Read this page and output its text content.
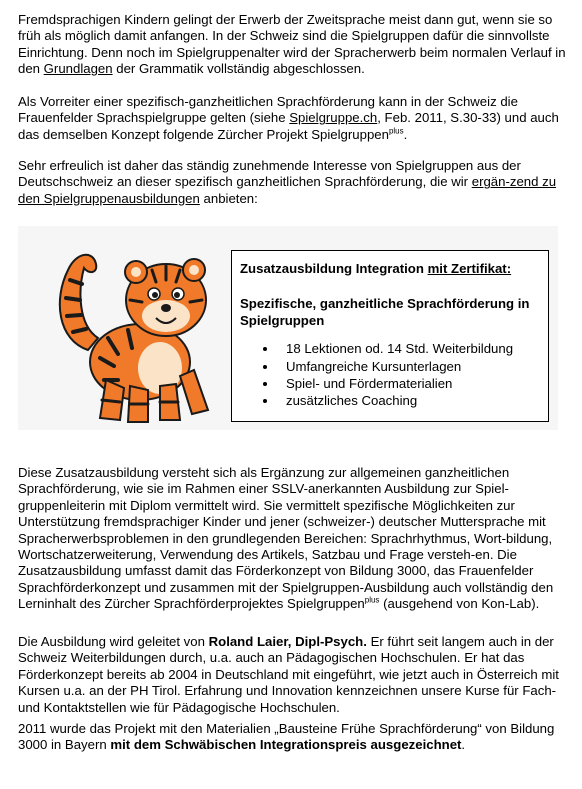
Fremdsprachigen Kindern gelingt der Erwerb der Zweitsprache meist dann gut, wenn sie so früh als möglich damit anfangen. In der Schweiz sind die Spielgruppen dafür die sinnvollste Einrichtung. Denn noch im Spielgruppenalter wird der Spracherwerb beim normalen Verlauf in den Grundlagen der Grammatik vollständig abgeschlossen.

Als Vorreiter einer spezifisch-ganzheitlichen Sprachförderung kann in der Schweiz die Frauenfelder Sprachspielgruppe gelten (siehe Spielgruppe.ch, Feb. 2011, S.30-33) und auch das demselben Konzept folgende Zürcher Projekt Spielgruppen$^{plus}$.

Sehr erfreulich ist daher das ständig zunehmende Interesse von Spielgruppen aus der Deutschschweiz an dieser spezifisch ganzheitlichen Sprachförderung, die wir ergän-zend zu den Spielgruppenausbildungen anbieten:

Zusatzausbildung Integration mit Zertifikat:

Spezifische, ganzheitliche Sprachförderung in Spielgruppen

• 18 Lektionen od. 14 Std. Weiterbildung
• Umfangreiche Kursunterlagen
• Spiel- und Fördermaterialien
• zusätzliches Coaching

Diese Zusatzausbildung versteht sich als Ergänzung zur allgemeinen ganzheitlichen Sprachförderung, wie sie im Rahmen einer SSLV-anerkannten Ausbildung zur Spiel-gruppenleiterin mit Diplom vermittelt wird. Sie vermittelt spezifische Möglichkeiten zur Unterstützung fremdsprachiger Kinder und jener (schweizer-) deutscher Muttersprache mit Spracherwerbsproblemen in den grundlegenden Bereichen: Sprachrhythmus, Wort-bildung, Wortschatzerweiterung, Verwendung des Artikels, Satzbau und Frage versteh-en. Die Zusatzausbildung umfasst damit das Förderkonzept von Bildung 3000, das Frauenfelder Sprachförderkonzept und zusammen mit der Spielgruppen-Ausbildung auch vollständig den Lerninhalt des Zürcher Sprachförderprojektes Spielgruppen$^{plus}$ (ausgehend von Kon-Lab).

Die Ausbildung wird geleitet von Roland Laier, Dipl-Psych. Er führt seit langem auch in der Schweiz Weiterbildungen durch, u.a. auch an Pädagogischen Hochschulen. Er hat das Förderkonzept bereits ab 2004 in Deutschland mit eingeführt, wie jetzt auch in Österreich mit Kursen u.a. an der PH Tirol. Erfahrung und Innovation kennzeichnen unsere Kurse für Fach- und Kontaktstellen wie für Pädagogische Hochschulen.

2011 wurde das Projekt mit den Materialien „Bausteine Frühe Sprachförderung“ von Bildung 3000 in Bayern mit dem Schwäbischen Integrationspreis ausgezeichnet.
